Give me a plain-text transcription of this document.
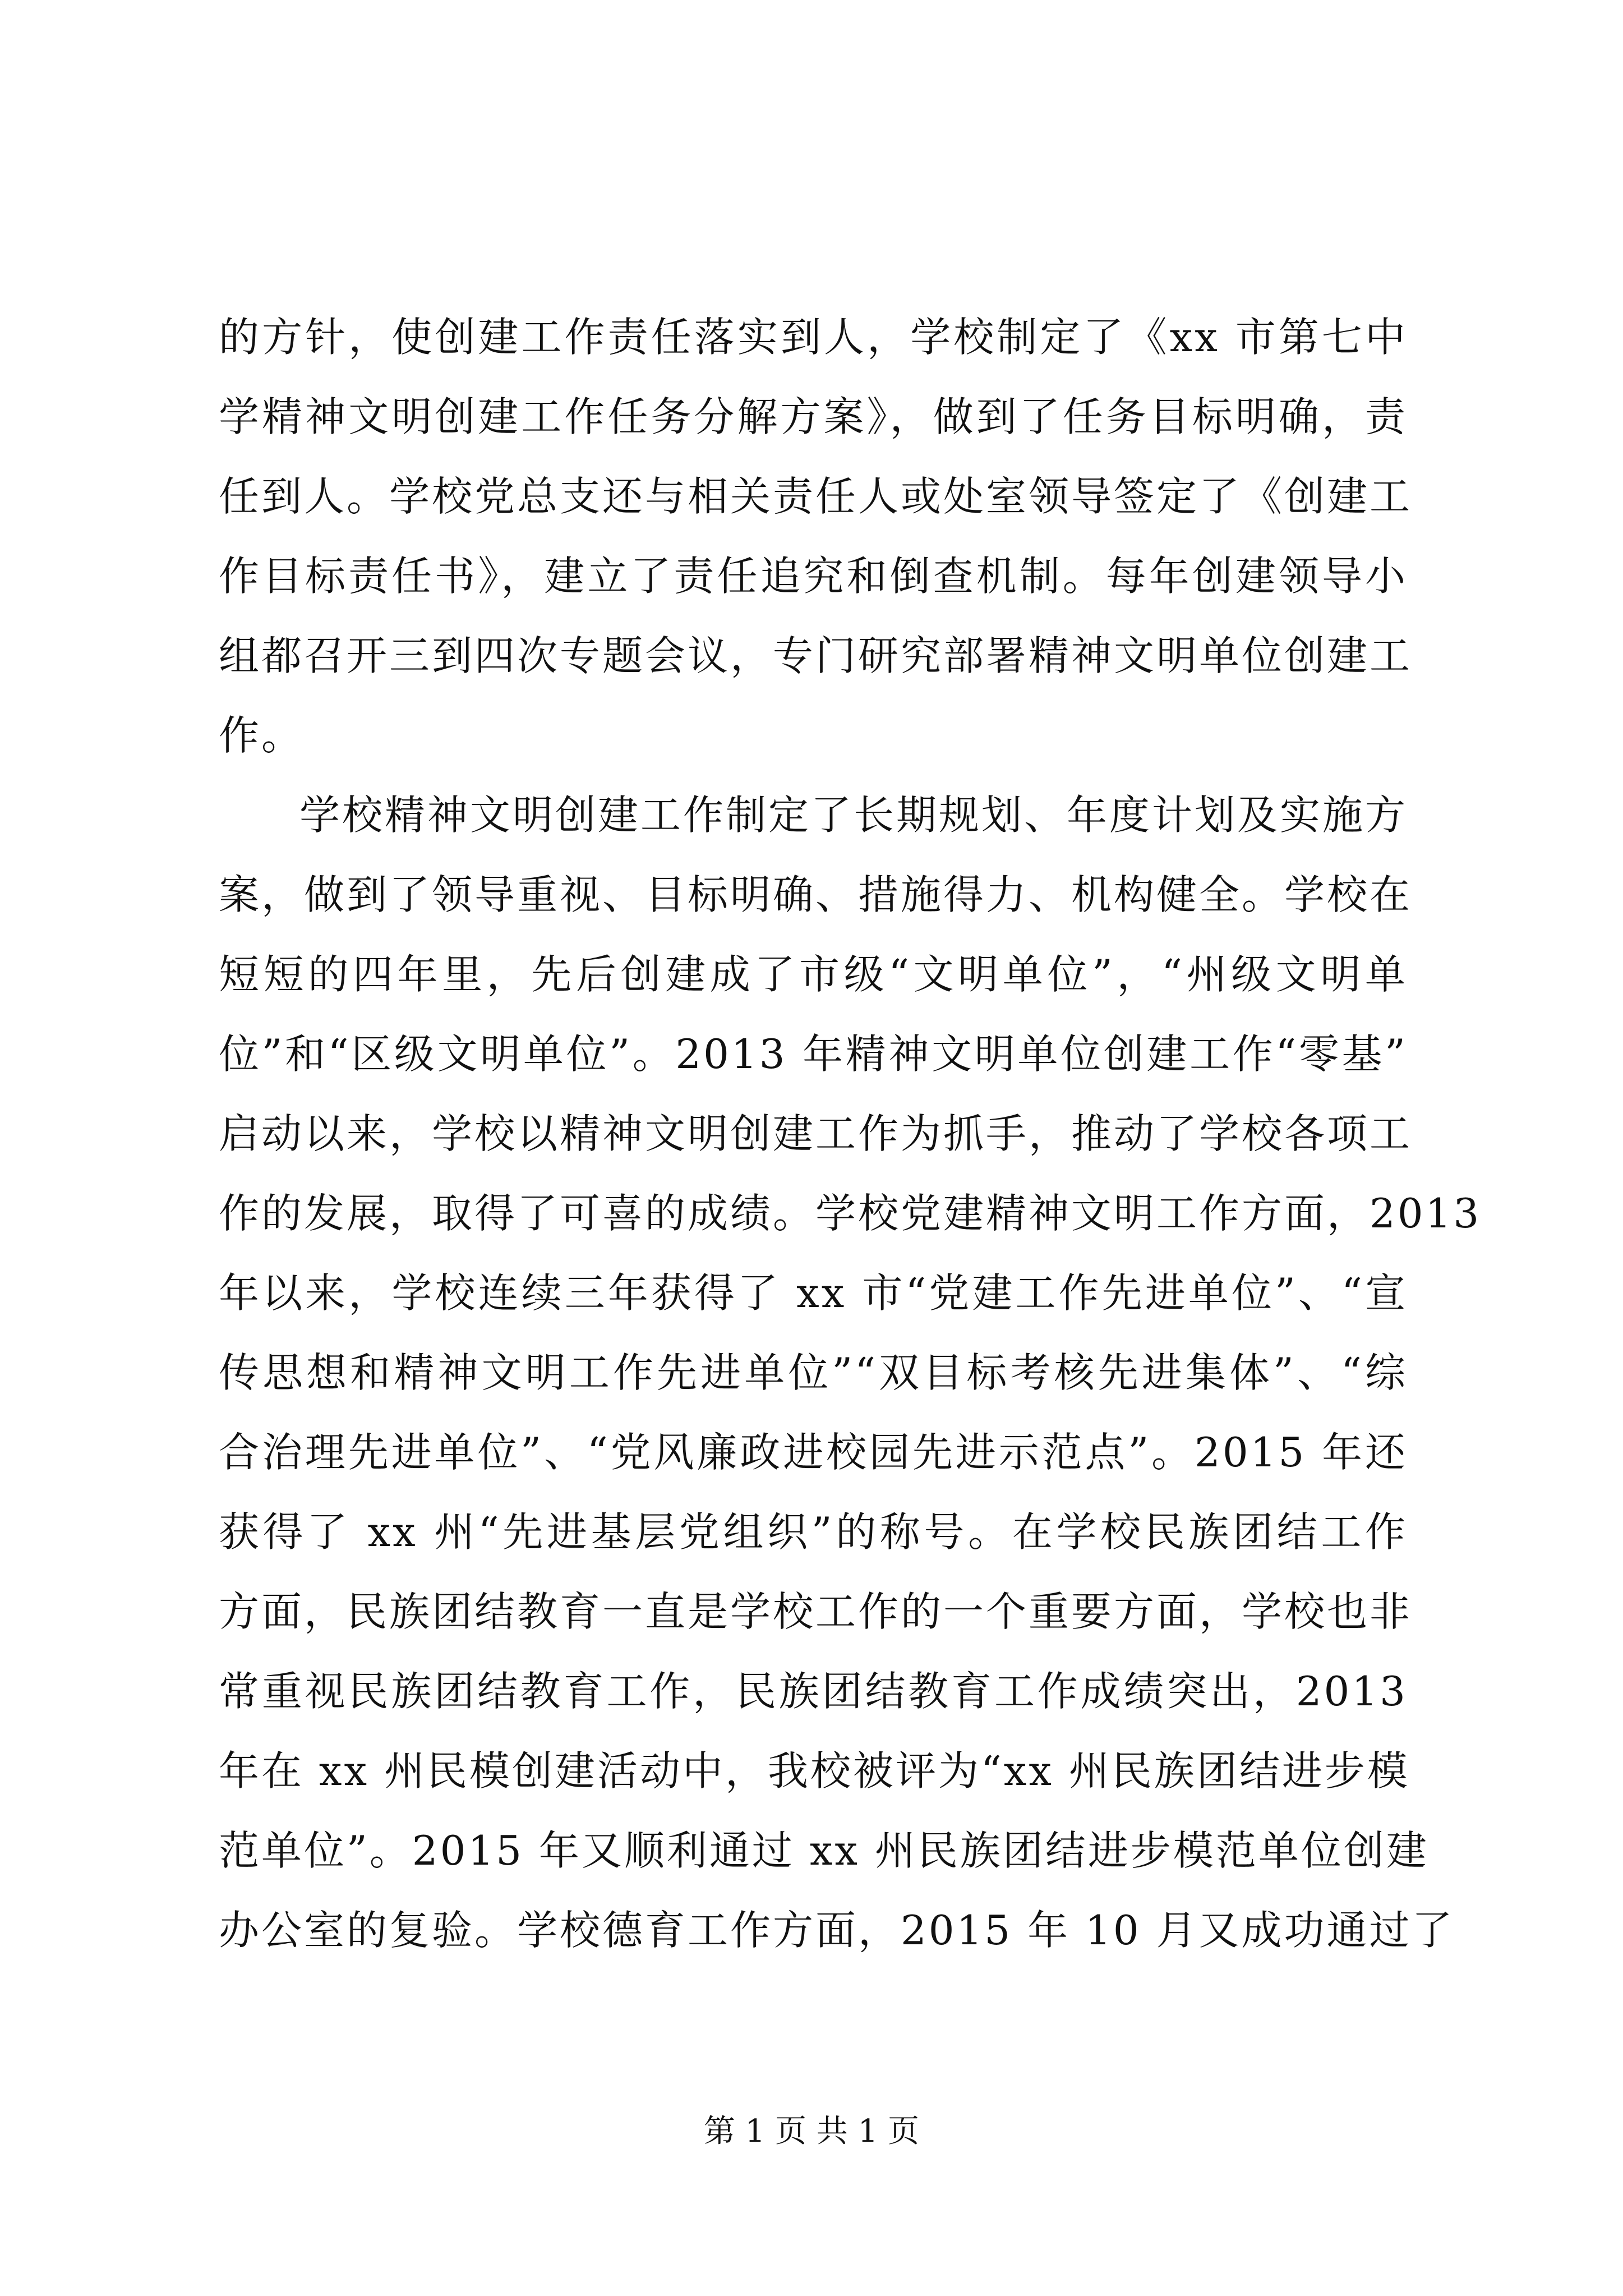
的方针，使创建工作责任落实到人，学校制定了《xx 市第七中
学精神文明创建工作任务分解方案》，做到了任务目标明确，责
任到人。学校党总支还与相关责任人或处室领导签定了《创建工
作目标责任书》，建立了责任追究和倒查机制。每年创建领导小
组都召开三到四次专题会议，专门研究部署精神文明单位创建工
作。
学校精神文明创建工作制定了长期规划、年度计划及实施方
案，做到了领导重视、目标明确、措施得力、机构健全。学校在
短短的四年里，先后创建成了市级“文明单位”，“州级文明单
位”和“区级文明单位”。2013 年精神文明单位创建工作“零基”
启动以来，学校以精神文明创建工作为抓手，推动了学校各项工
作的发展，取得了可喜的成绩。学校党建精神文明工作方面，2013
年以来，学校连续三年获得了 xx 市“党建工作先进单位”、“宣
传思想和精神文明工作先进单位”“双目标考核先进集体”、“综
合治理先进单位”、“党风廉政进校园先进示范点”。2015 年还
获得了 xx 州“先进基层党组织”的称号。在学校民族团结工作
方面，民族团结教育一直是学校工作的一个重要方面，学校也非
常重视民族团结教育工作，民族团结教育工作成绩突出，2013
年在 xx 州民模创建活动中，我校被评为“xx 州民族团结进步模
范单位”。2015 年又顺利通过 xx 州民族团结进步模范单位创建
办公室的复验。学校德育工作方面，2015 年 10 月又成功通过了
第 1 页 共 1 页
